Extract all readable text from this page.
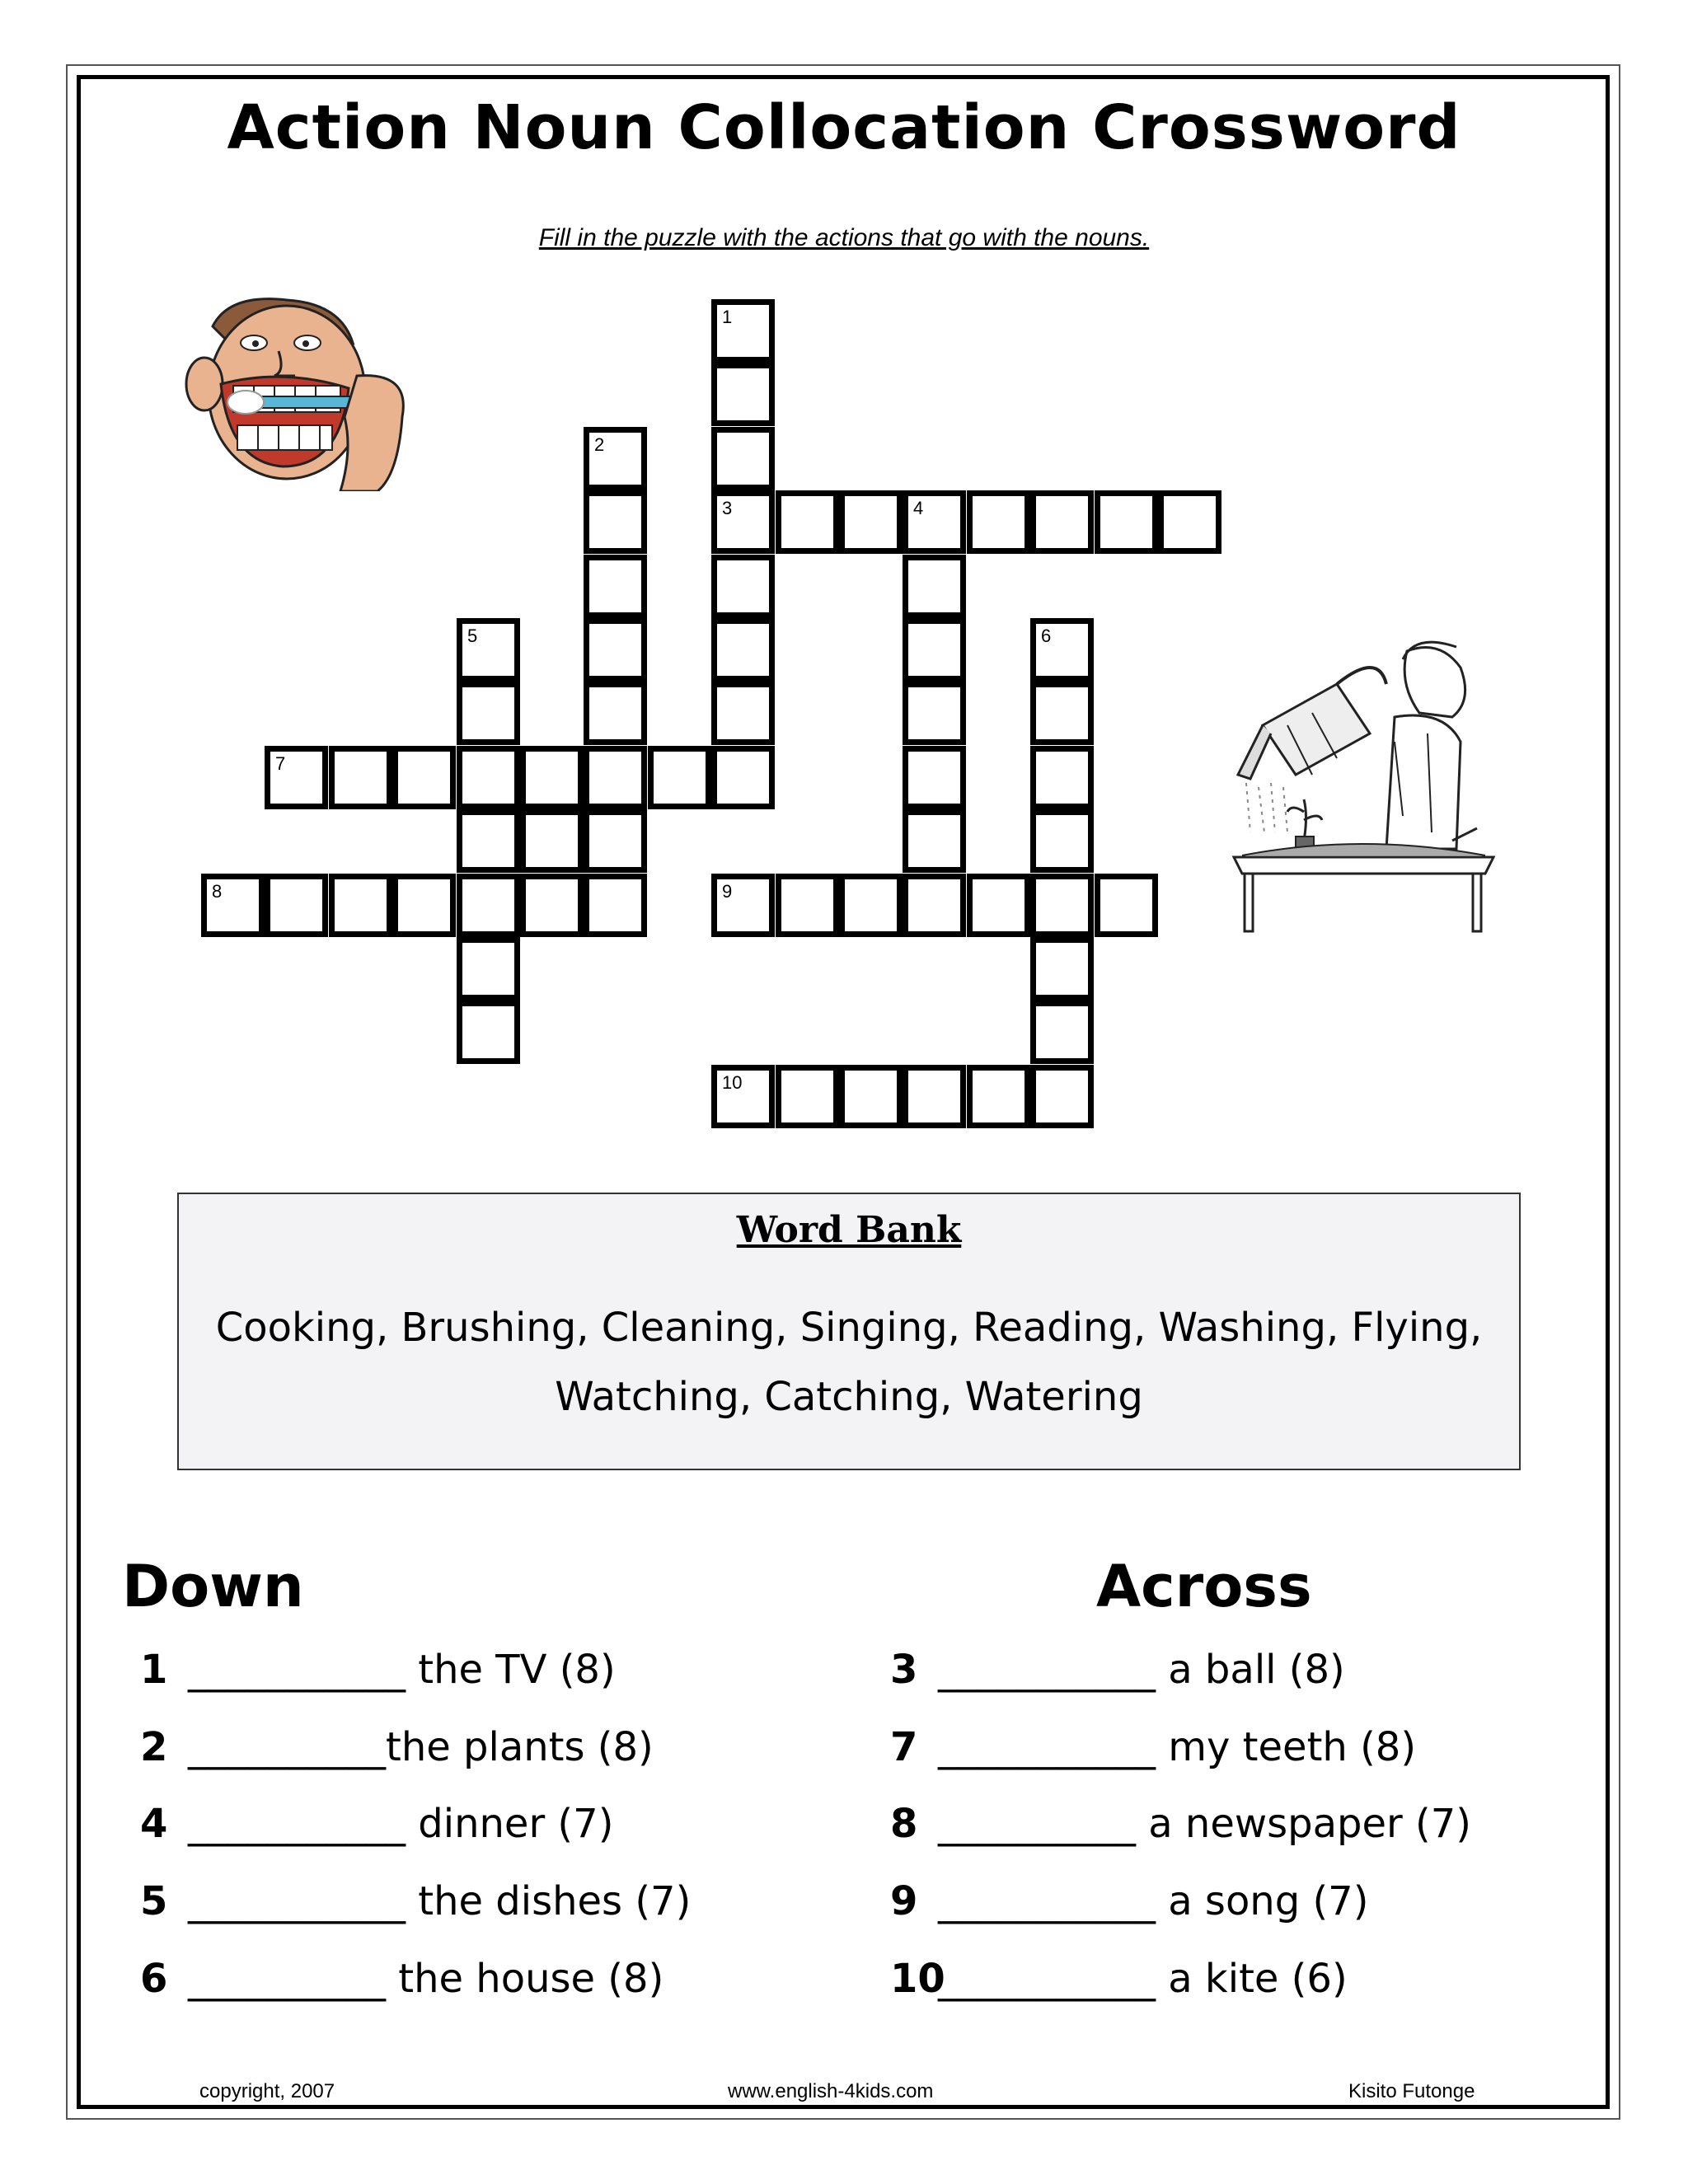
Action Noun Collocation Crossword
Fill in the puzzle with the actions that go with the nouns.
1
3
2
4
5	6
7
8	9
10
Word Bank
Cooking, Brushing, Cleaning, Singing, Reading, Washing, Flying,
Watching, Catching, Watering
Down	Across
1 ___________ the TV (8)
2 __________the plants (8)
4 ___________ dinner (7)
5 ___________ the dishes (7)
6 __________ the house (8)
3 ___________ a ball (8)
7 ___________ my teeth (8)
8 __________ a newspaper (7)
9 ___________ a song (7)
10___________ a kite (6)
copyright, 2007	www.english-4kids.com	Kisito Futonge
